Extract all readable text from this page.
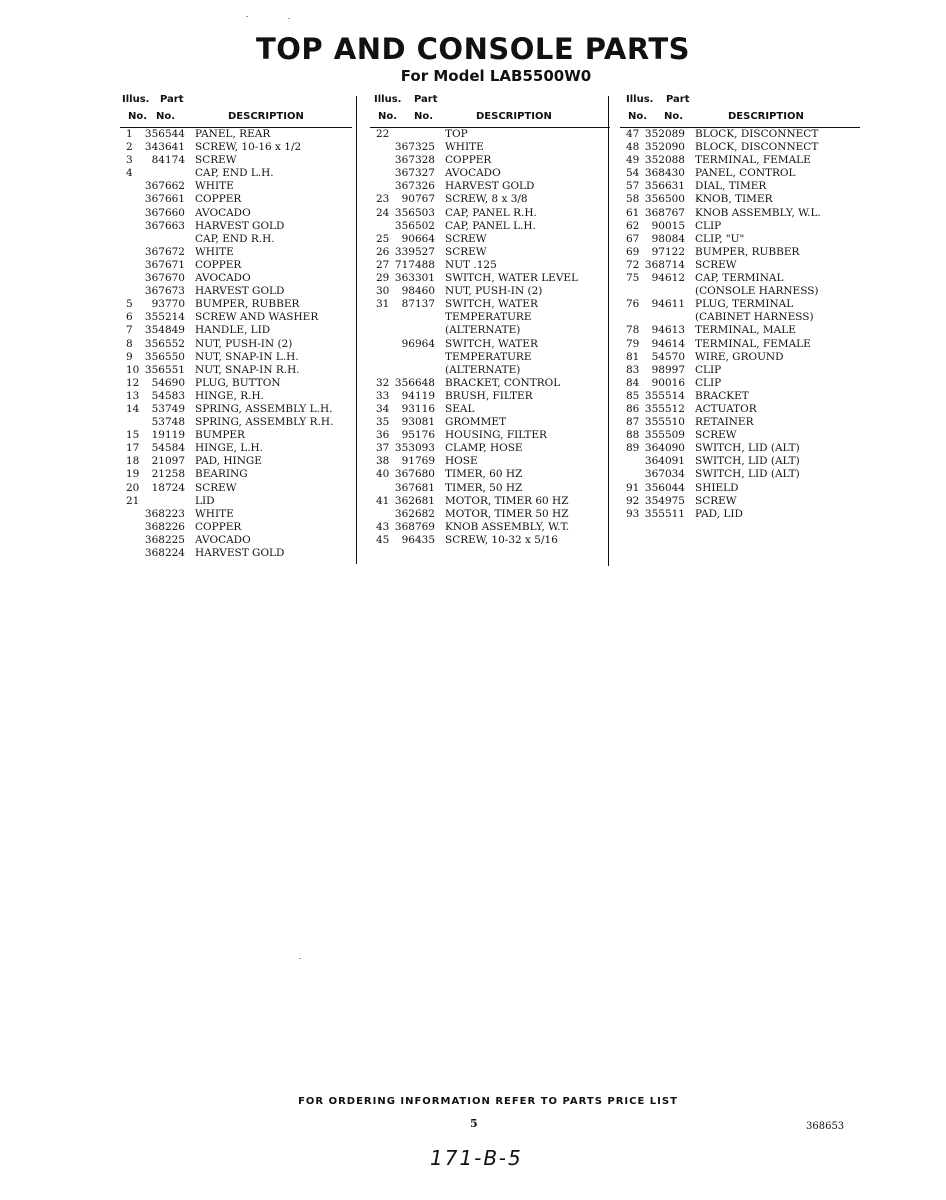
TOP AND CONSOLE PARTS
For Model LAB5500W0
Illus. Part
No. No.	DESCRIPTION
1	356544 PANEL, REAR
2	343641 SCREW, 10-16 x 1/2
3	84174 SCREW
4	CAP, END L.H.
367662 WHITE
367661 COPPER
367660 AVOCADO
367663 HARVEST GOLD
CAP, END R.H.
367672 WHITE
367671 COPPER
367670 AVOCADO
367673 HARVEST GOLD
5	93770 BUMPER, RUBBER
6	355214 SCREW AND WASHER
7	354849 HANDLE, LID
8	356552 NUT, PUSH-IN (2)
9	356550 NUT, SNAP-IN L.H.
10 356551 NUT, SNAP-IN R.H.
12	54690 PLUG, BUTTON
13	54583 HINGE, R.H.
14	53749 SPRING, ASSEMBLY L.H.
53748 SPRING, ASSEMBLY R.H.
15	19119 BUMPER
17	54584 HINGE, L.H.
18	21097 PAD, HINGE
19	21258 BEARING
20	18724 SCREW
21	LID
368223 WHITE
368226 COPPER
368225 AVOCADO
368224 HARVEST GOLD
Illus. Part
No. No.	DESCRIPTION
22	TOP
367325 WHITE
367328 COPPER
367327 AVOCADO
367326 HARVEST GOLD
23	90767 SCREW, 8 x 3/8
24 356503 CAP, PANEL R.H.
356502 CAP, PANEL L.H.
25	90664 SCREW
26 339527 SCREW
27 717488 NUT .125
29 363301 SWITCH, WATER LEVEL
30	98460 NUT, PUSH-IN (2)
31	87137 SWITCH, WATER
TEMPERATURE
(ALTERNATE)
96964 SWITCH, WATER
TEMPERATURE
(ALTERNATE)
32 356648 BRACKET, CONTROL
33	94119 BRUSH, FILTER
34	93116 SEAL
35	93081 GROMMET
36	95176 HOUSING, FILTER
37 353093 CLAMP, HOSE
38	91769 HOSE
40 367680 TIMER, 60 HZ
367681 TIMER, 50 HZ
41 362681 MOTOR, TIMER 60 HZ
362682 MOTOR, TIMER 50 HZ
43 368769 KNOB ASSEMBLY, W.T.
45	96435 SCREW, 10-32 x 5/16
Illus. Part
No. No.	DESCRIPTION
47 352089 BLOCK, DISCONNECT
48 352090 BLOCK, DISCONNECT
49 352088 TERMINAL, FEMALE
54 368430 PANEL, CONTROL
57 356631 DIAL, TIMER
58 356500 KNOB, TIMER
61 368767 KNOB ASSEMBLY, W.L.
62	90015 CLIP
67	98084 CLIP, "U"
69	97122 BUMPER, RUBBER
72 368714 SCREW
75	94612 CAP, TERMINAL
(CONSOLE HARNESS)
76	94611 PLUG, TERMINAL
(CABINET HARNESS)
78	94613 TERMINAL, MALE
79	94614 TERMINAL, FEMALE
81	54570 WIRE, GROUND
83	98997 CLIP
84	90016 CLIP
85 355514 BRACKET
86 355512 ACTUATOR
87 355510 RETAINER
88 355509 SCREW
89 364090 SWITCH, LID (ALT)
364091 SWITCH, LID (ALT)
367034 SWITCH, LID (ALT)
91 356044 SHIELD
92 354975 SCREW
93 355511 PAD, LID
FOR ORDERING INFORMATION REFER TO PARTS PRICE LIST
5	368653
171-B-5
